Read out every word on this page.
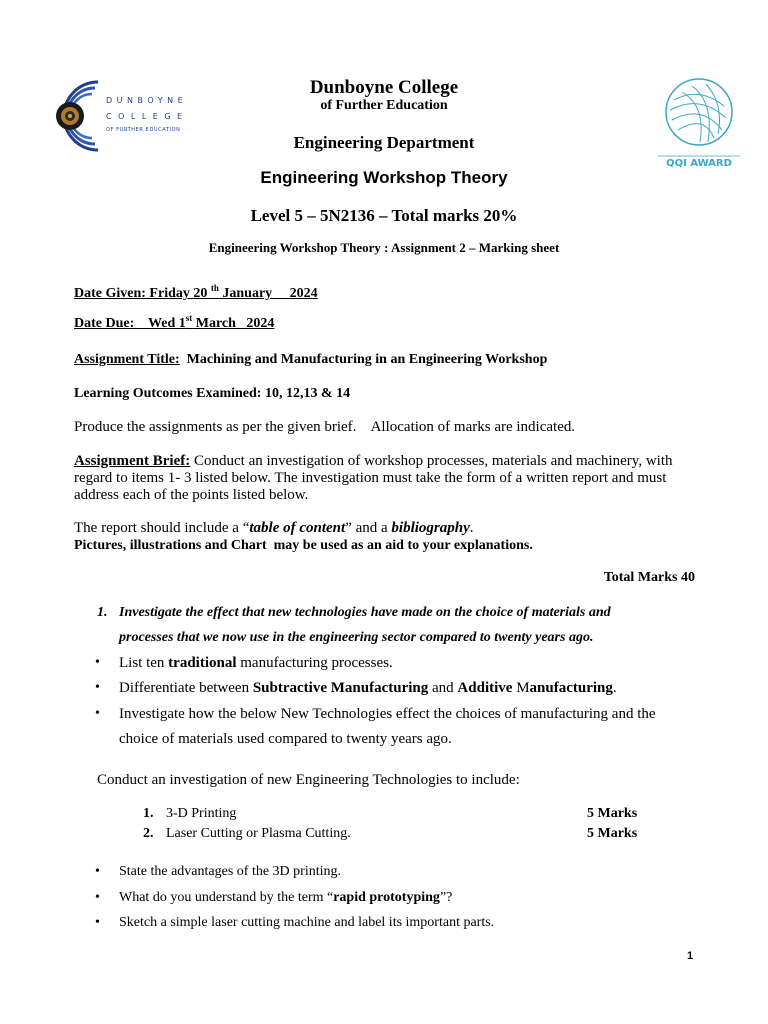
DUNBOYNE
COLLEGE
OF FURTHER EDUCATION
QQI AWARD
Dunboyne College
of Further Education
Engineering Department
Engineering Workshop Theory
Level 5 – 5N2136 – Total marks 20%
Engineering Workshop Theory : Assignment 2 – Marking sheet
Date Given: Friday 20 $^{th}$ January     2024
Date Due:    Wed 1st March   2024
Assignment Title:  Machining and Manufacturing in an Engineering Workshop
Learning Outcomes Examined: 10, 12,13 & 14
Produce the assignments as per the given brief.    Allocation of marks are indicated.
Assignment Brief: Conduct an investigation of workshop processes, materials and machinery, with
regard to items 1- 3 listed below. The investigation must take the form of a written report and must
address each of the points listed below.
The report should include a “table of content” and a bibliography.
Pictures, illustrations and Chart  may be used as an aid to your explanations.
Total Marks 40
1. Investigate the effect that new technologies have made on the choice of materials and
processes that we now use in the engineering sector compared to twenty years ago.
• List ten traditional manufacturing processes.
• Differentiate between Subtractive Manufacturing and Additive Manufacturing.
• Investigate how the below New Technologies effect the choices of manufacturing and the
choice of materials used compared to twenty years ago.
Conduct an investigation of new Engineering Technologies to include:
1. 3-D Printing	5 Marks
2. Laser Cutting or Plasma Cutting.	5 Marks
• State the advantages of the 3D printing.
• What do you understand by the term “rapid prototyping”?
• Sketch a simple laser cutting machine and label its important parts.
1
